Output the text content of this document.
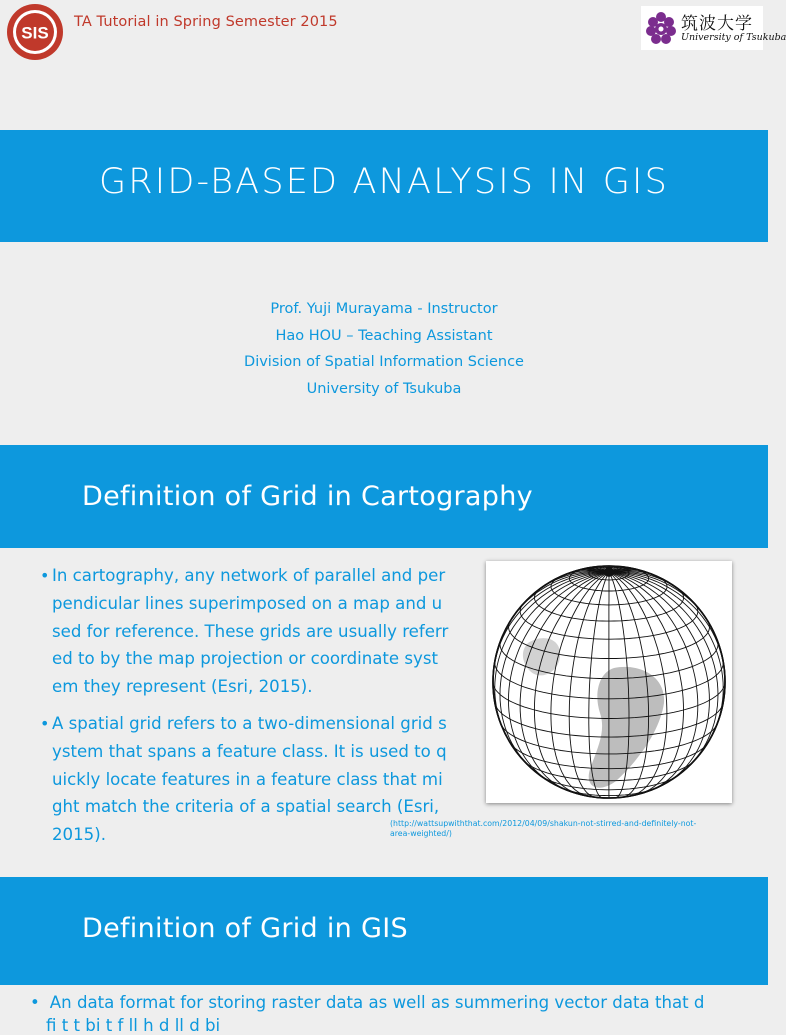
SIS
TA Tutorial in Spring Semester 2015	筑波大学
University of Tsukuba
GRID-BASED ANALYSIS IN GIS
Prof. Yuji Murayama - Instructor
Hao HOU – Teaching Assistant
Division of Spatial Information Science
University of Tsukuba
Definition of Grid in Cartography
• In cartography, any network of parallel and per
pendicular lines superimposed on a map and u
sed for reference. These grids are usually referr
ed to by the map projection or coordinate syst
em they represent (Esri, 2015).
• A spatial grid refers to a two-dimensional grid s
ystem that spans a feature class. It is used to q
uickly locate features in a feature class that mi
ght match the criteria of a spatial search (Esri,
2015).
(http://wattsupwiththat.com/2012/04/09/shakun-not-stirred-and-definitely-not-
area-weighted/)
Definition of Grid in GIS
• An data format for storing raster data as well as summering vector data that d
fi t t bi t f ll h d ll d bi
